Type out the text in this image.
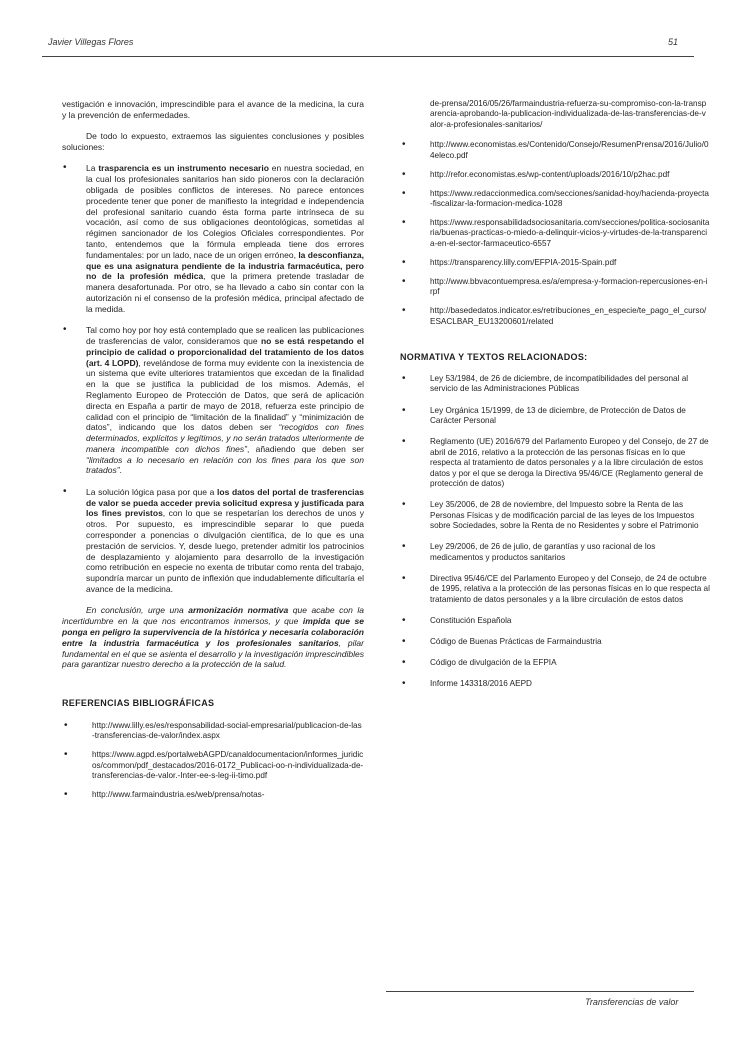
Javier Villegas Flores	51

vestigación e innovación, imprescindible para el avance de la medicina, la cura y la prevención de enfermedades.

De todo lo expuesto, extraemos las siguientes conclusiones y posibles soluciones:

• La trasparencia es un instrumento necesario en nuestra sociedad, en la cual los profesionales sanitarios han sido pioneros con la declaración obligada de posibles conflictos de intereses. No parece entonces procedente tener que poner de manifiesto la integridad e independencia del profesional sanitario cuando ésta forma parte intrínseca de su vocación, así como de sus obligaciones deontológicas, sometidas al régimen sancionador de los Colegios Oficiales correspondientes. Por tanto, entendemos que la fórmula empleada tiene dos errores fundamentales: por un lado, nace de un origen erróneo, la desconfianza, que es una asignatura pendiente de la industria farmacéutica, pero no de la profesión médica, que la primera pretende trasladar de manera desafortunada. Por otro, se ha llevado a cabo sin contar con la autorización ni el consenso de la profesión médica, principal afectado de la medida.
• Tal como hoy por hoy está contemplado que se realicen las publicaciones de trasferencias de valor, consideramos que no se está respetando el principio de calidad o proporcionalidad del tratamiento de los datos (art. 4 LOPD), revelándose de forma muy evidente con la inexistencia de un sistema que evite ulteriores tratamientos que excedan de la finalidad en la que se justifica la publicidad de los mismos. Además, el Reglamento Europeo de Protección de Datos, que será de aplicación directa en España a partir de mayo de 2018, refuerza este principio de calidad con el principio de “limitación de la finalidad” y “minimización de datos”, indicando que los datos deben ser “recogidos con fines determinados, explícitos y legítimos, y no serán tratados ulteriormente de manera incompatible con dichos fines”, añadiendo que deben ser “limitados a lo necesario en relación con los fines para los que son tratados”.
• La solución lógica pasa por que a los datos del portal de trasferencias de valor se pueda acceder previa solicitud expresa y justificada para los fines previstos, con lo que se respetarían los derechos de unos y otros. Por supuesto, es imprescindible separar lo que pueda corresponder a ponencias o divulgación científica, de lo que es una prestación de servicios. Y, desde luego, pretender admitir los patrocinios de desplazamiento y alojamiento para desarrollo de la investigación como retribución en especie no exenta de tributar como renta del trabajo, supondría marcar un punto de inflexión que indudablemente dificultaría el avance de la medicina.

En conclusión, urge una armonización normativa que acabe con la incertidumbre en la que nos encontramos inmersos, y que impida que se ponga en peligro la supervivencia de la histórica y necesaria colaboración entre la industria farmacéutica y los profesionales sanitarios, pilar fundamental en el que se asienta el desarrollo y la investigación imprescindibles para garantizar nuestro derecho a la protección de la salud.

REFERENCIAS BIBLIOGRÁFICAS
•	http://www.lilly.es/es/responsabilidad-social-empresarial/publicacion-de-las-transferencias-de-valor/index.aspx
•	https://www.agpd.es/portalwebAGPD/canaldocumentacion/informes_juridicos/common/pdf_destacados/2016-0172_Publicaci-oo-n-individualizada-de-transferencias-de-valor.-Inter-ee-s-leg-ii-timo.pdf
•	http://www.farmaindustria.es/web/prensa/notas-
de-prensa/2016/05/26/farmaindustria-refuerza-su-compromiso-con-la-transparencia-aprobando-la-publicacion-individualizada-de-las-transferencias-de-valor-a-profesionales-sanitarios/
•	http://www.economistas.es/Contenido/Consejo/ResumenPrensa/2016/Julio/04eleco.pdf
•	http://refor.economistas.es/wp-content/uploads/2016/10/p2hac.pdf
•	https://www.redaccionmedica.com/secciones/sanidad-hoy/hacienda-proyecta-fiscalizar-la-formacion-medica-1028
•	https://www.responsabilidadsociosanitaria.com/secciones/politica-sociosanitaria/buenas-practicas-o-miedo-a-delinquir-vicios-y-virtudes-de-la-transparencia-en-el-sector-farmaceutico-6557
•	https://transparency.lilly.com/EFPIA-2015-Spain.pdf
•	http://www.bbvacontuempresa.es/a/empresa-y-formacion-repercusiones-en-irpf
•	http://basededatos.indicator.es/retribuciones_en_especie/te_pago_el_curso/ESACLBAR_EU13200601/related
NORMATIVA Y TEXTOS RELACIONADOS:
•	Ley 53/1984, de 26 de diciembre, de incompatibilidades del personal al servicio de las Administraciones Públicas
•	Ley Orgánica 15/1999, de 13 de diciembre, de Protección de Datos de Carácter Personal
•	Reglamento (UE) 2016/679 del Parlamento Europeo y del Consejo, de 27 de abril de 2016, relativo a la protección de las personas físicas en lo que respecta al tratamiento de datos personales y a la libre circulación de estos datos y por el que se deroga la Directiva 95/46/CE (Reglamento general de protección de datos)
•	Ley 35/2006, de 28 de noviembre, del Impuesto sobre la Renta de las Personas Físicas y de modificación parcial de las leyes de los Impuestos sobre Sociedades, sobre la Renta de no Residentes y sobre el Patrimonio
•	Ley 29/2006, de 26 de julio, de garantías y uso racional de los medicamentos y productos sanitarios
•	Directiva 95/46/CE del Parlamento Europeo y del Consejo, de 24 de octubre de 1995, relativa a la protección de las personas físicas en lo que respecta al tratamiento de datos personales y a la libre circulación de estos datos
•	Constitución Española
•	Código de Buenas Prácticas de Farmaindustria
•	Código de divulgación de la EFPIA
•	Informe 143318/2016 AEPD
Transferencias de valor
